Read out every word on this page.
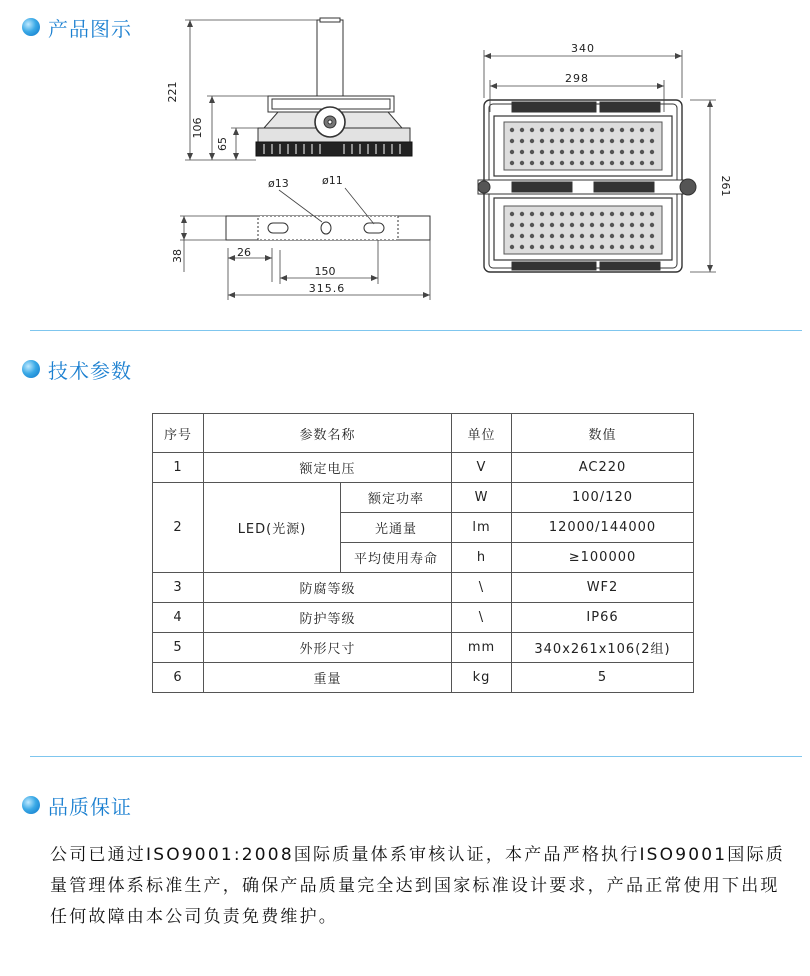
产品图示
221
106
65
ø13	ø11
38	26
150
315.6
340
298
261
技术参数
序号	参数名称		单位	数值
1	额定电压		V	AC220
2	LED(光源)	额定功率	W	100/120
		光通量	lm	12000/144000
		平均使用寿命	h	≥100000
3	防腐等级		\	WF2
4	防护等级		\	IP66
5	外形尺寸		mm	340x261x106(2组)
6	重量		kg	5
品质保证
公司已通过ISO9001:2008国际质量体系审核认证，本产品严格执行ISO9001国际质量管理体系标准生产，确保产品质量完全达到国家标准设计要求，产品正常使用下出现任何故障由本公司负责免费维护。
